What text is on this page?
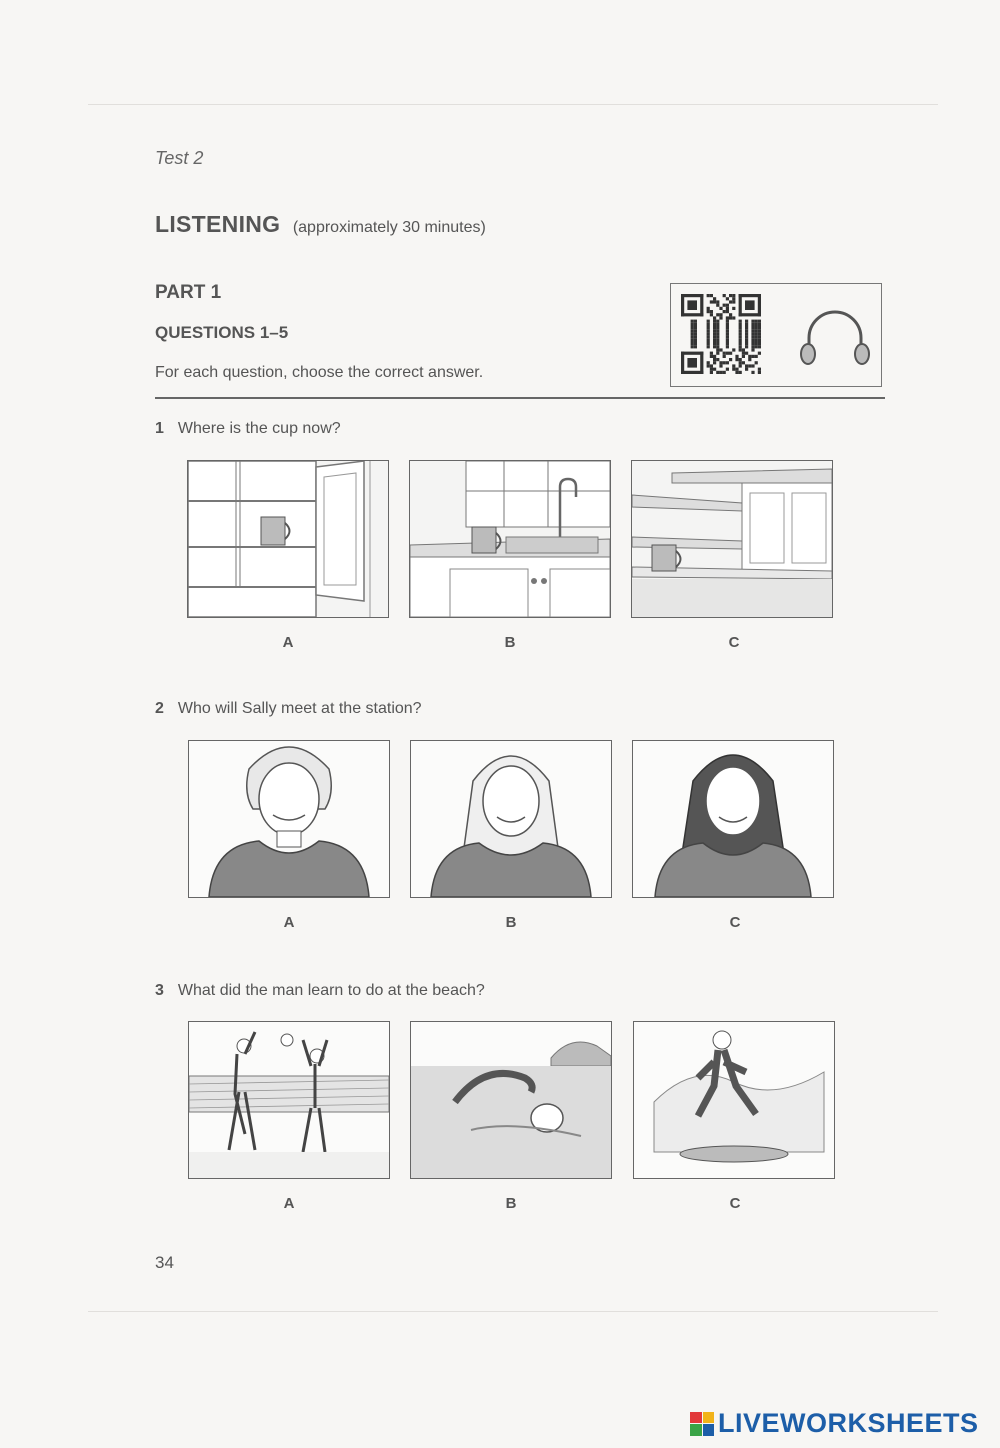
Test 2
LISTENING (approximately 30 minutes)
PART 1
QUESTIONS 1–5
For each question, choose the correct answer.
1 Where is the cup now?
A	B	C
2 Who will Sally meet at the station?
A	B	C
3 What did the man learn to do at the beach?
A	B	C
34
LIVEWORKSHEETS
